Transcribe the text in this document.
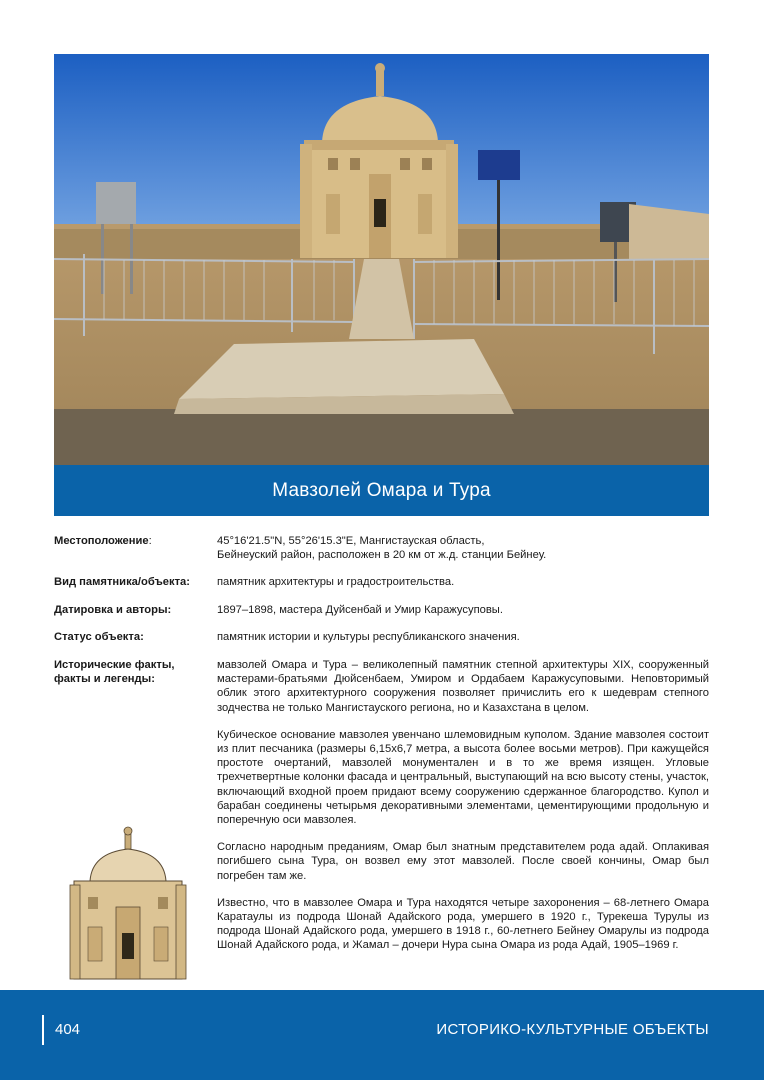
Мавзолей Омара и Тура
Местоположение:	45°16'21.5"N, 55°26'15.3"E, Мангистауская область,
Бейнеуский район, расположен в 20 км от ж.д. станции Бейнеу.
Вид памятника/объекта:	памятник архитектуры и градостроительства.
Датировка и авторы:	1897–1898, мастера Дуйсенбай и Умир Каражусуповы.
Статус объекта:	памятник истории и культуры республиканского значения.
Исторические факты,
факты и легенды:

мавзолей Омара и Тура – великолепный памятник степной архитектуры XIX, сооруженный мастерами-братьями Дюйсенбаем, Умиром и Ордабаем Каражусуповыми. Неповторимый облик этого архитектурного сооружения позволяет причислить его к шедеврам степного зодчества не только Мангистауского региона, но и Казахстана в целом.

Кубическое основание мавзолея увенчано шлемовидным куполом. Здание мавзолея состоит из плит песчаника (размеры 6,15х6,7 метра, а высота более восьми метров). При кажущейся простоте очертаний, мавзолей монументален и в то же время изящен. Угловые трехчетвертные колонки фасада и центральный, выступающий на всю высоту стены, участок, включающий входной проем придают всему сооружению сдержанное благородство. Купол и барабан соединены четырьмя декоративными элементами, цементирующими продольную и поперечную оси мавзолея.

Согласно народным преданиям, Омар был знатным представителем рода адай. Оплакивая погибшего сына Тура, он возвел ему этот мавзолей. После своей кончины, Омар был погребен там же.

Известно, что в мавзолее Омара и Тура находятся четыре захоронения – 68-летнего Омара Каратаулы из подрода Шонай Адайского рода, умершего в 1920 г., Турекеша Турулы из подрода Шонай Адайского рода, умершего в 1918 г., 60-летнего Бейнеу Омарулы из подрода Шонай Адайского рода, и Жамал – дочери Нура сына Омара из рода Адай, 1905–1969 г.

404	ИСТОРИКО-КУЛЬТУРНЫЕ ОБЪЕКТЫ
